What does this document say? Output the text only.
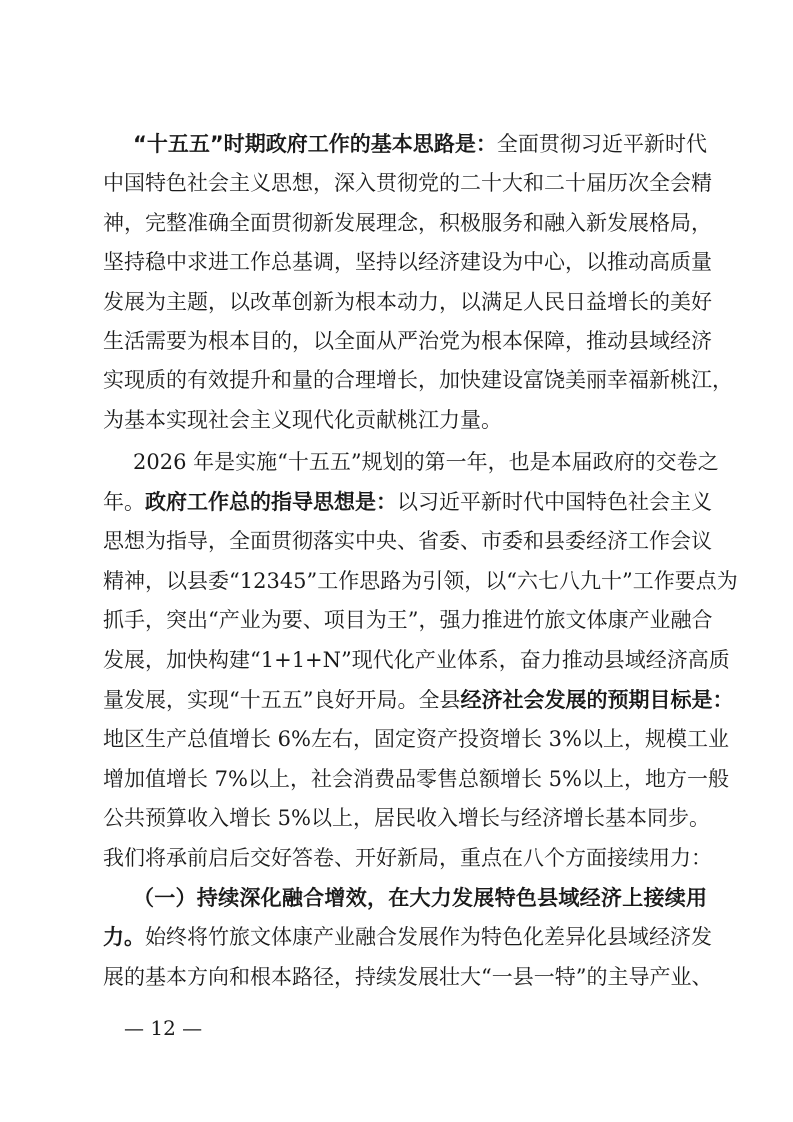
“十五五”时期政府工作的基本思路是：全面贯彻习近平新时代
中国特色社会主义思想，深入贯彻党的二十大和二十届历次全会精
神，完整准确全面贯彻新发展理念，积极服务和融入新发展格局，
坚持稳中求进工作总基调，坚持以经济建设为中心，以推动高质量
发展为主题，以改革创新为根本动力，以满足人民日益增长的美好
生活需要为根本目的，以全面从严治党为根本保障，推动县域经济
实现质的有效提升和量的合理增长，加快建设富饶美丽幸福新桃江，
为基本实现社会主义现代化贡献桃江力量。
2026 年是实施“十五五”规划的第一年，也是本届政府的交卷之
年。政府工作总的指导思想是：以习近平新时代中国特色社会主义
思想为指导，全面贯彻落实中央、省委、市委和县委经济工作会议
精神，以县委“12345”工作思路为引领，以“六七八九十”工作要点为
抓手，突出“产业为要、项目为王”，强力推进竹旅文体康产业融合
发展，加快构建“1+1+N”现代化产业体系，奋力推动县域经济高质
量发展，实现“十五五”良好开局。全县经济社会发展的预期目标是：
地区生产总值增长 6%左右，固定资产投资增长 3%以上，规模工业
增加值增长 7%以上，社会消费品零售总额增长 5%以上，地方一般
公共预算收入增长 5%以上，居民收入增长与经济增长基本同步。
我们将承前启后交好答卷、开好新局，重点在八个方面接续用力：
（一）持续深化融合增效，在大力发展特色县域经济上接续用
力。始终将竹旅文体康产业融合发展作为特色化差异化县域经济发
展的基本方向和根本路径，持续发展壮大“一县一特”的主导产业、
— 12 —
